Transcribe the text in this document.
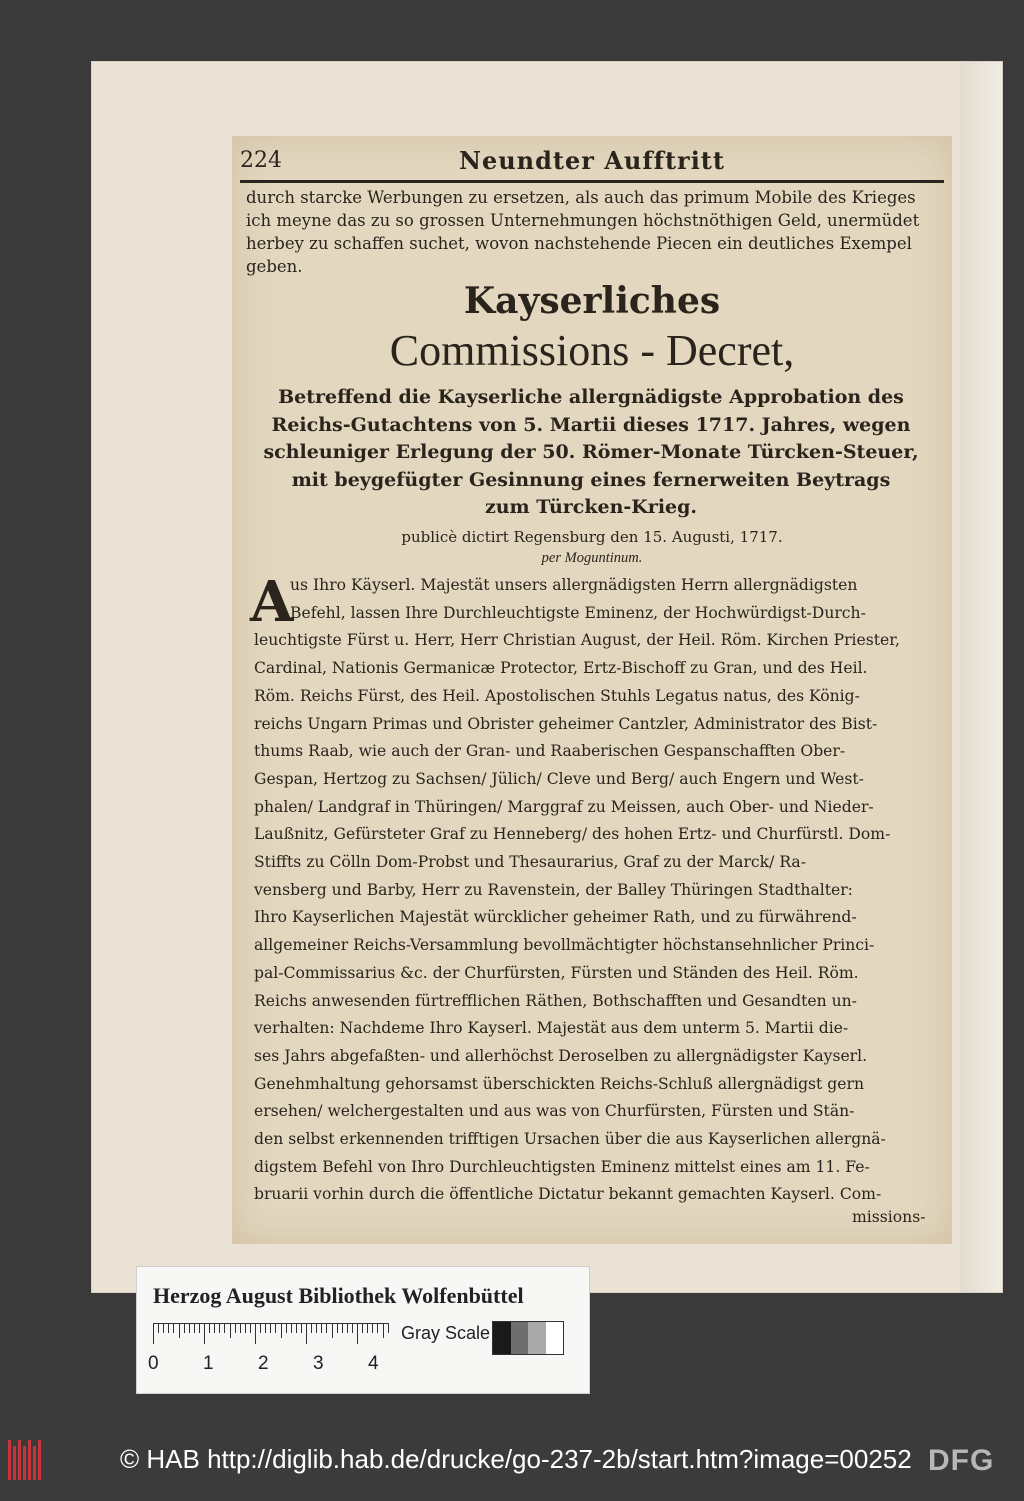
224	Neundter Aufftritt
Kayserliches
Commissions - Decret,
A
missions-
durch starcke Werbungen zu ersetzen, als auch das primum Mobile des Krieges
ich meyne das zu so grossen Unternehmungen höchstnöthigen Geld, unermüdet
herbey zu schaffen suchet, wovon nachstehende Piecen ein deutliches Exempel
geben.
Betreffend die Kayserliche allergnädigste Approbation des
Reichs-Gutachtens von 5. Martii dieses 1717. Jahres, wegen
schleuniger Erlegung der 50. Römer-Monate Türcken-Steuer,
mit beygefügter Gesinnung eines fernerweiten Beytrags
zum Türcken-Krieg.
publicè dictirt Regensburg den 15. Augusti, 1717.
per Moguntinum.
us Ihro Käyserl. Majestät unsers allergnädigsten Herrn allergnädigsten
Befehl, lassen Ihre Durchleuchtigste Eminenz, der Hochwürdigst-Durch-
leuchtigste Fürst u. Herr, Herr Christian August, der Heil. Röm. Kirchen Priester,
Cardinal, Nationis Germanicæ Protector, Ertz-Bischoff zu Gran, und des Heil.
Röm. Reichs Fürst, des Heil. Apostolischen Stuhls Legatus natus, des König-
reichs Ungarn Primas und Obrister geheimer Cantzler, Administrator des Bist-
thums Raab, wie auch der Gran- und Raaberischen Gespanschafften Ober-
Gespan, Hertzog zu Sachsen/ Jülich/ Cleve und Berg/ auch Engern und West-
phalen/ Landgraf in Thüringen/ Marggraf zu Meissen, auch Ober- und Nieder-
Laußnitz, Gefürsteter Graf zu Henneberg/ des hohen Ertz- und Churfürstl. Dom-
Stiffts zu Cölln Dom-Probst und Thesaurarius, Graf zu der Marck/ Ra-
vensberg und Barby, Herr zu Ravenstein, der Balley Thüringen Stadthalter:
Ihro Kayserlichen Majestät würcklicher geheimer Rath, und zu fürwährend-
allgemeiner Reichs-Versammlung bevollmächtigter höchstansehnlicher Princi-
pal-Commissarius &c. der Churfürsten, Fürsten und Ständen des Heil. Röm.
Reichs anwesenden fürtrefflichen Räthen, Bothschafften und Gesandten un-
verhalten: Nachdeme Ihro Kayserl. Majestät aus dem unterm 5. Martii die-
ses Jahrs abgefaßten- und allerhöchst Deroselben zu allergnädigster Kayserl.
Genehmhaltung gehorsamst überschickten Reichs-Schluß allergnädigst gern
ersehen/ welchergestalten und aus was von Churfürsten, Fürsten und Stän-
den selbst erkennenden trifftigen Ursachen über die aus Kayserlichen allergnä-
digstem Befehl von Ihro Durchleuchtigsten Eminenz mittelst eines am 11. Fe-
bruarii vorhin durch die öffentliche Dictatur bekannt gemachten Kayserl. Com-
Herzog August Bibliothek Wolfenbüttel
0 1 2 3 4
Gray Scale
© HAB http://diglib.hab.de/drucke/go-237-2b/start.htm?image=00252 DFG
